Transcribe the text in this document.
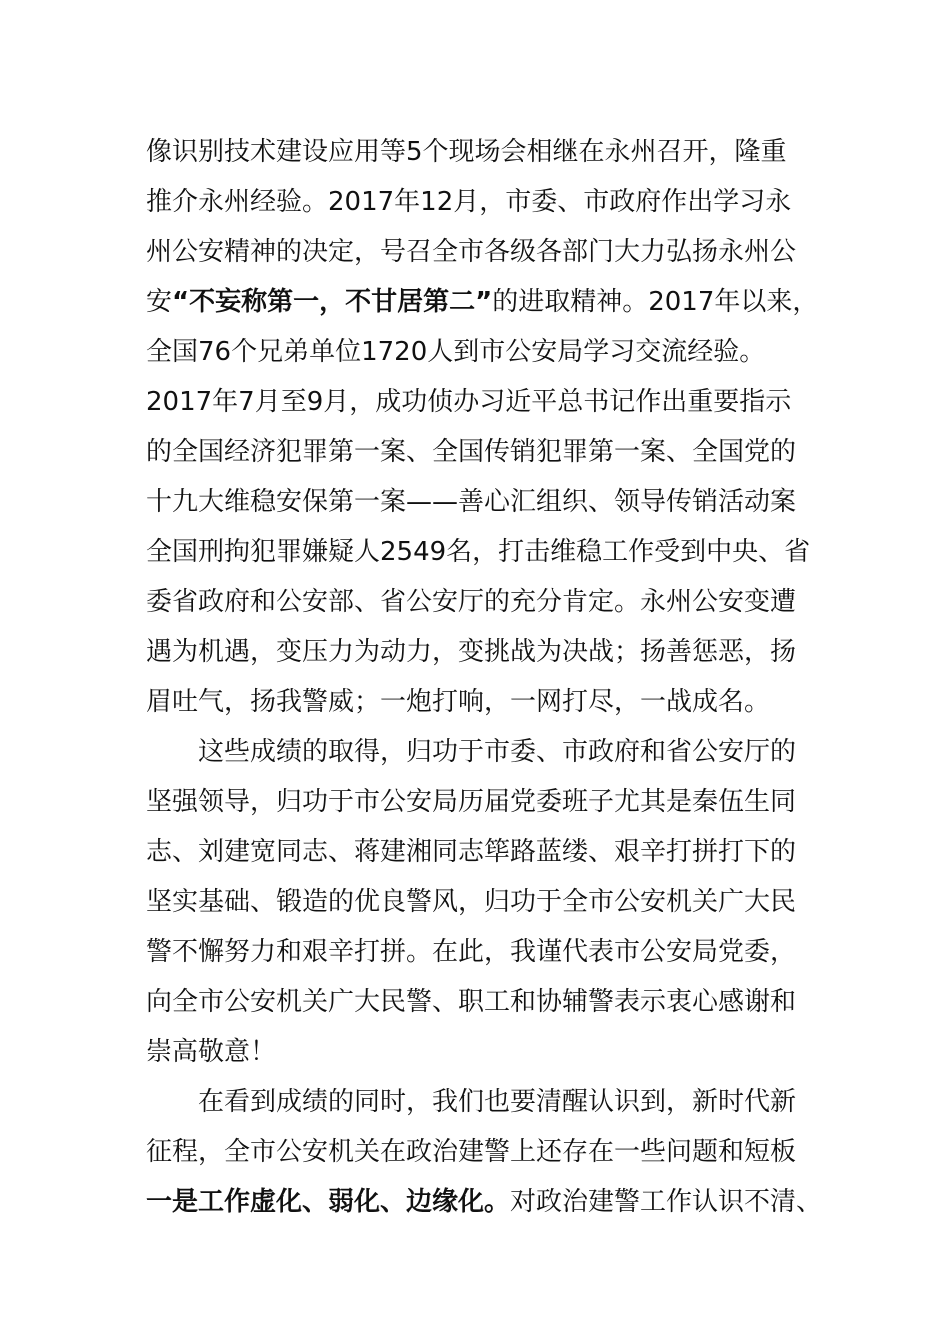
像识别技术建设应用等5个现场会相继在永州召开，隆重
推介永州经验。2017年12月，市委、市政府作出学习永
州公安精神的决定，号召全市各级各部门大力弘扬永州公
安“不妄称第一，不甘居第二”的进取精神。2017年以来，
全国76个兄弟单位1720人到市公安局学习交流经验。
2017年7月至9月，成功侦办习近平总书记作出重要指示
的全国经济犯罪第一案、全国传销犯罪第一案、全国党的
十九大维稳安保第一案——善心汇组织、领导传销活动案
全国刑拘犯罪嫌疑人2549名，打击维稳工作受到中央、省
委省政府和公安部、省公安厅的充分肯定。永州公安变遭
遇为机遇，变压力为动力，变挑战为决战；扬善惩恶，扬
眉吐气，扬我警威；一炮打响，一网打尽，一战成名。
这些成绩的取得，归功于市委、市政府和省公安厅的
坚强领导，归功于市公安局历届党委班子尤其是秦伍生同
志、刘建宽同志、蒋建湘同志筚路蓝缕、艰辛打拼打下的
坚实基础、锻造的优良警风，归功于全市公安机关广大民
警不懈努力和艰辛打拼。在此，我谨代表市公安局党委，
向全市公安机关广大民警、职工和协辅警表示衷心感谢和
崇高敬意！
在看到成绩的同时，我们也要清醒认识到，新时代新
征程，全市公安机关在政治建警上还存在一些问题和短板
一是工作虚化、弱化、边缘化。对政治建警工作认识不清、
